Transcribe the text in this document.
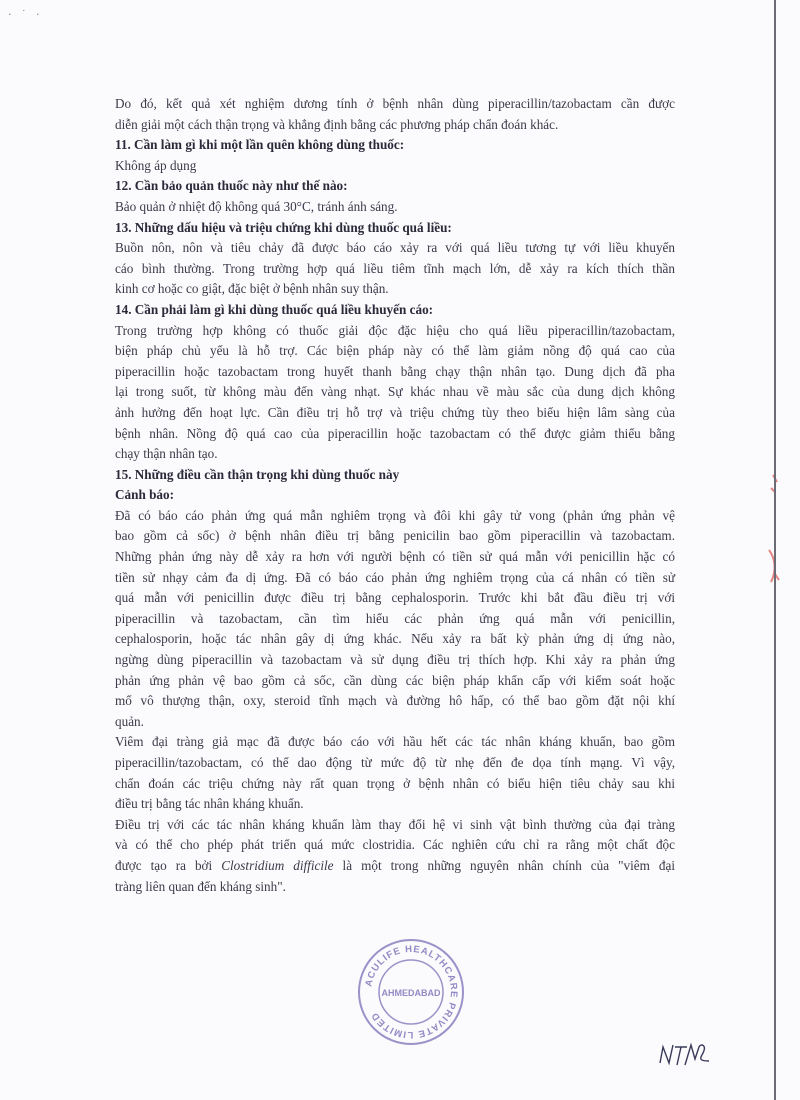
· ˙ ·
Do đó, kết quả xét nghiệm dương tính ở bệnh nhân dùng piperacillin/tazobactam cần được
diễn giải một cách thận trọng và khẳng định bằng các phương pháp chẩn đoán khác.
11. Cần làm gì khi một lần quên không dùng thuốc:
Không áp dụng
12. Cần bảo quản thuốc này như thế nào:
Bảo quản ở nhiệt độ không quá 30°C, tránh ánh sáng.
13. Những dấu hiệu và triệu chứng khi dùng thuốc quá liều:
Buồn nôn, nôn và tiêu chảy đã được báo cáo xảy ra với quá liều tương tự với liều khuyến
cáo bình thường. Trong trường hợp quá liều tiêm tĩnh mạch lớn, dễ xảy ra kích thích thần
kinh cơ hoặc co giật, đặc biệt ở bệnh nhân suy thận.
14. Cần phải làm gì khi dùng thuốc quá liều khuyến cáo:
Trong trường hợp không có thuốc giải độc đặc hiệu cho quá liều piperacillin/tazobactam,
biện pháp chủ yếu là hỗ trợ. Các biện pháp này có thể làm giảm nồng độ quá cao của
piperacillin hoặc tazobactam trong huyết thanh bằng chạy thận nhân tạo. Dung dịch đã pha
lại trong suốt, từ không màu đến vàng nhạt. Sự khác nhau về màu sắc của dung dịch không
ảnh hưởng đến hoạt lực. Cần điều trị hỗ trợ và triệu chứng tùy theo biểu hiện lâm sàng của
bệnh nhân. Nồng độ quá cao của piperacillin hoặc tazobactam có thể được giảm thiểu bằng
chạy thận nhân tạo.
15. Những điều cần thận trọng khi dùng thuốc này
Cảnh báo:
Đã có báo cáo phản ứng quá mẫn nghiêm trọng và đôi khi gây tử vong (phản ứng phản vệ
bao gồm cả sốc) ở bệnh nhân điều trị bằng penicilin bao gồm piperacillin và tazobactam.
Những phản ứng này dễ xảy ra hơn với người bệnh có tiền sử quá mẫn với penicillin hặc có
tiền sử nhạy cảm đa dị ứng. Đã có báo cáo phản ứng nghiêm trọng của cá nhân có tiền sử
quá mẫn với penicillin được điều trị bằng cephalosporin. Trước khi bắt đầu điều trị với
piperacillin và tazobactam, cần tìm hiểu các phản ứng quá mẫn với penicillin,
cephalosporin, hoặc tác nhân gây dị ứng khác. Nếu xảy ra bất kỳ phản ứng dị ứng nào,
ngừng dùng piperacillin và tazobactam và sử dụng điều trị thích hợp. Khi xảy ra phản ứng
phản ứng phản vệ bao gồm cả sốc, cần dùng các biện pháp khẩn cấp với kiểm soát hoặc
mổ vô thượng thận, oxy, steroid tĩnh mạch và đường hô hấp, có thể bao gồm đặt nội khí
quản.
Viêm đại tràng giả mạc đã được báo cáo với hầu hết các tác nhân kháng khuẩn, bao gồm
piperacillin/tazobactam, có thể dao động từ mức độ từ nhẹ đến đe dọa tính mạng. Vì vậy,
chẩn đoán các triệu chứng này rất quan trọng ở bệnh nhân có biểu hiện tiêu chảy sau khi
điều trị bằng tác nhân kháng khuẩn.
Điều trị với các tác nhân kháng khuẩn làm thay đổi hệ vi sinh vật bình thường của đại tràng
và có thể cho phép phát triển quá mức clostridia. Các nghiên cứu chỉ ra rằng một chất độc
được tạo ra bởi Clostridium difficile là một trong những nguyên nhân chính của "viêm đại
tràng liên quan đến kháng sinh".
ACULIFE HEALTHCARE PRIVATE LIMITED
AHMEDABAD
